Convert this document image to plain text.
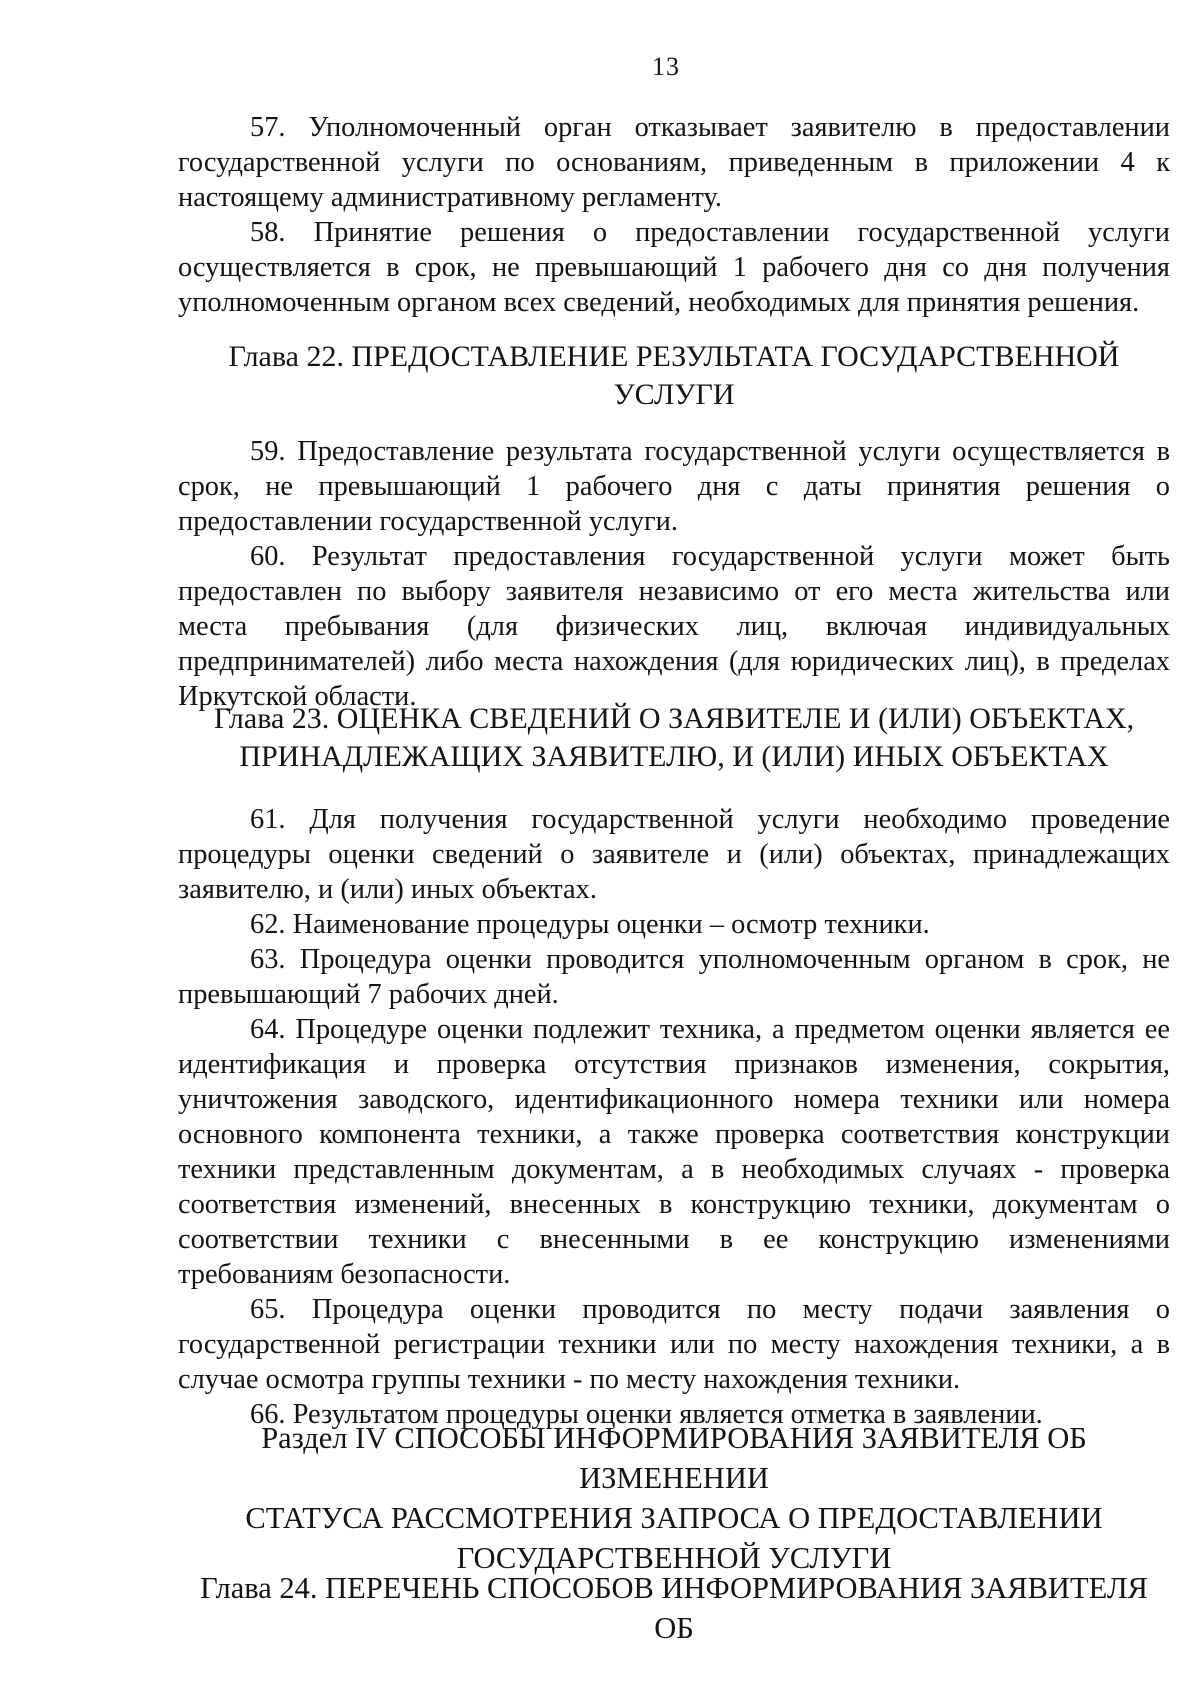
13

57. Уполномоченный орган отказывает заявителю в предоставлении государственной услуги по основаниям, приведенным в приложении 4 к настоящему административному регламенту.

58. Принятие решения о предоставлении государственной услуги осуществляется в срок, не превышающий 1 рабочего дня со дня получения уполномоченным органом всех сведений, необходимых для принятия решения.

Глава 22. ПРЕДОСТАВЛЕНИЕ РЕЗУЛЬТАТА ГОСУДАРСТВЕННОЙ

УСЛУГИ

59. Предоставление результата государственной услуги осуществляется в срок, не превышающий 1 рабочего дня с даты принятия решения о предоставлении государственной услуги.

60. Результат предоставления государственной услуги может быть предоставлен по выбору заявителя независимо от его места жительства или места пребывания (для физических лиц, включая индивидуальных предпринимателей) либо места нахождения (для юридических лиц), в пределах Иркутской области.

Глава 23. ОЦЕНКА СВЕДЕНИЙ О ЗАЯВИТЕЛЕ И (ИЛИ) ОБЪЕКТАХ,

ПРИНАДЛЕЖАЩИХ ЗАЯВИТЕЛЮ, И (ИЛИ) ИНЫХ ОБЪЕКТАХ

61. Для получения государственной услуги необходимо проведение процедуры оценки сведений о заявителе и (или) объектах, принадлежащих заявителю, и (или) иных объектах.

62. Наименование процедуры оценки – осмотр техники.

63. Процедура оценки проводится уполномоченным органом в срок, не превышающий 7 рабочих дней.

64. Процедуре оценки подлежит техника, а предметом оценки является ее идентификация и проверка отсутствия признаков изменения, сокрытия, уничтожения заводского, идентификационного номера техники или номера основного компонента техники, а также проверка соответствия конструкции техники представленным документам, а в необходимых случаях - проверка соответствия изменений, внесенных в конструкцию техники, документам о соответствии техники с внесенными в ее конструкцию изменениями требованиям безопасности.

65. Процедура оценки проводится по месту подачи заявления о государственной регистрации техники или по месту нахождения техники, а в случае осмотра группы техники - по месту нахождения техники.

66. Результатом процедуры оценки является отметка в заявлении.

Раздел IV СПОСОБЫ ИНФОРМИРОВАНИЯ ЗАЯВИТЕЛЯ ОБ ИЗМЕНЕНИИ

СТАТУСА РАССМОТРЕНИЯ ЗАПРОСА О ПРЕДОСТАВЛЕНИИ

ГОСУДАРСТВЕННОЙ УСЛУГИ

Глава 24. ПЕРЕЧЕНЬ СПОСОБОВ ИНФОРМИРОВАНИЯ ЗАЯВИТЕЛЯ ОБ
